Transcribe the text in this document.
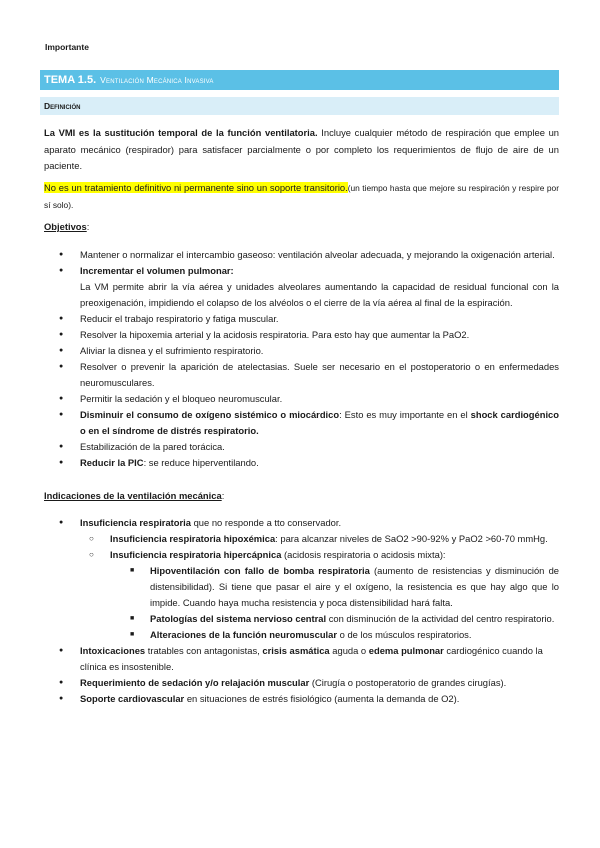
Importante
TEMA 1.5. Ventilación Mecánica Invasiva
Definición
La VMI es la sustitución temporal de la función ventilatoria. Incluye cualquier método de respiración que emplee un aparato mecánico (respirador) para satisfacer parcialmente o por completo los requerimientos de flujo de aire de un paciente.
No es un tratamiento definitivo ni permanente sino un soporte transitorio.(un tiempo hasta que mejore su respiración y respire por sí solo).
Objetivos:
● Mantener o normalizar el intercambio gaseoso: ventilación alveolar adecuada, y mejorando la oxigenación arterial.
● Incrementar el volumen pulmonar:
La VM permite abrir la vía aérea y unidades alveolares aumentando la capacidad de residual funcional con la preoxigenación, impidiendo el colapso de los alvéolos o el cierre de la vía aérea al final de la espiración.
● Reducir el trabajo respiratorio y fatiga muscular.
● Resolver la hipoxemia arterial y la acidosis respiratoria. Para esto hay que aumentar la PaO2.
● Aliviar la disnea y el sufrimiento respiratorio.
● Resolver o prevenir la aparición de atelectasias. Suele ser necesario en el postoperatorio o en enfermedades neuromusculares.
● Permitir la sedación y el bloqueo neuromuscular.
● Disminuir el consumo de oxígeno sistémico o miocárdico: Esto es muy importante en el shock cardiogénico o en el síndrome de distrés respiratorio.
● Estabilización de la pared torácica.
● Reducir la PIC: se reduce hiperventilando.
Indicaciones de la ventilación mecánica:
● Insuficiencia respiratoria que no responde a tto conservador.
○ Insuficiencia respiratoria hipoxémica: para alcanzar niveles de SaO2 >90-92% y PaO2 >60-70 mmHg.
○ Insuficiencia respiratoria hipercápnica (acidosis respiratoria o acidosis mixta):
■ Hipoventilación con fallo de bomba respiratoria (aumento de resistencias y disminución de distensibilidad). Si tiene que pasar el aire y el oxígeno, la resistencia es que hay algo que lo impide. Cuando haya mucha resistencia y poca distensibilidad hará falta.
■ Patologías del sistema nervioso central con disminución de la actividad del centro respiratorio.
■ Alteraciones de la función neuromuscular o de los músculos respiratorios.
● Intoxicaciones tratables con antagonistas, crisis asmática aguda o edema pulmonar cardiogénico cuando la clínica es insostenible.
● Requerimiento de sedación y/o relajación muscular (Cirugía o postoperatorio de grandes cirugías).
● Soporte cardiovascular en situaciones de estrés fisiológico (aumenta la demanda de O2).
